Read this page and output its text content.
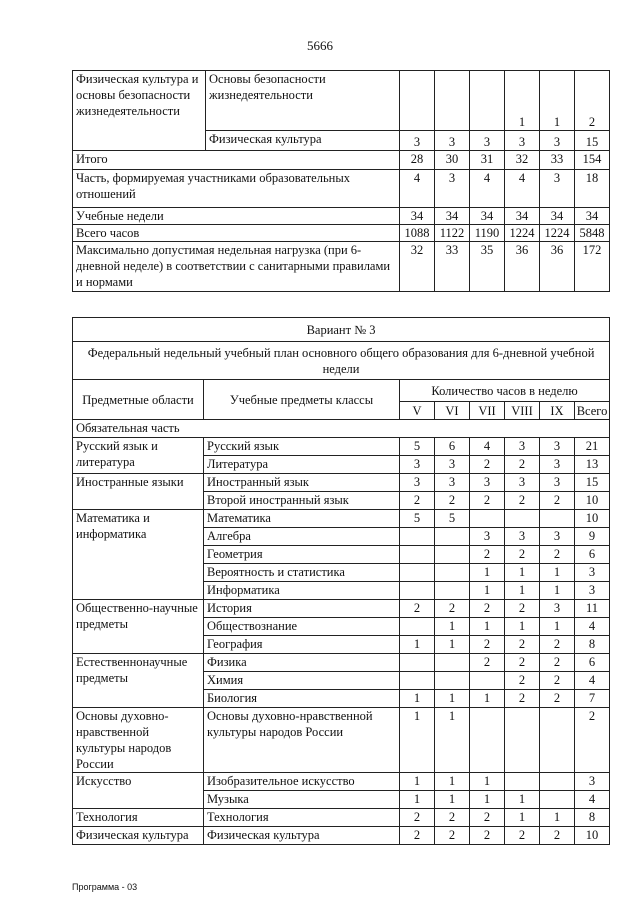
5666
Физическая культура и основы безопасности жизнедеятельности	Основы безопасности жизнедеятельности				1	1	2
	Физическая культура	3	3	3	3	3	15
Итого		28	30	31	32	33	154
Часть, формируемая участниками образовательных отношений		4	3	4	4	3	18
Учебные недели		34	34	34	34	34	34
Всего часов		1088	1122	1190	1224	1224	5848
Максимально допустимая недельная нагрузка (при 6-дневной неделе) в соответствии с санитарными правилами и нормами		32	33	35	36	36	172
Вариант № 3							
Федеральный недельный учебный план основного общего образования для 6-дневной учебной недели							
Предметные области	Учебные предметы классы	Количество часов в неделю					
		V	VI	VII	VIII	IX	Всего
Обязательная часть							
Русский язык и литература	Русский язык	5	6	4	3	3	21
	Литература	3	3	2	2	3	13
Иностранные языки	Иностранный язык	3	3	3	3	3	15
	Второй иностранный язык	2	2	2	2	2	10
Математика и информатика	Математика	5	5				10
	Алгебра			3	3	3	9
	Геометрия			2	2	2	6
	Вероятность и статистика			1	1	1	3
	Информатика			1	1	1	3
Общественно-научные предметы	История	2	2	2	2	3	11
	Обществознание		1	1	1	1	4
	География	1	1	2	2	2	8
Естественнонаучные предметы	Физика			2	2	2	6
	Химия				2	2	4
	Биология	1	1	1	2	2	7
Основы духовно-нравственной культуры народов России	Основы духовно-нравственной культуры народов России	1	1				2
Искусство	Изобразительное искусство	1	1	1			3
	Музыка	1	1	1	1		4
Технология	Технология	2	2	2	1	1	8
Физическая культура	Физическая культура	2	2	2	2	2	10
Программа - 03
